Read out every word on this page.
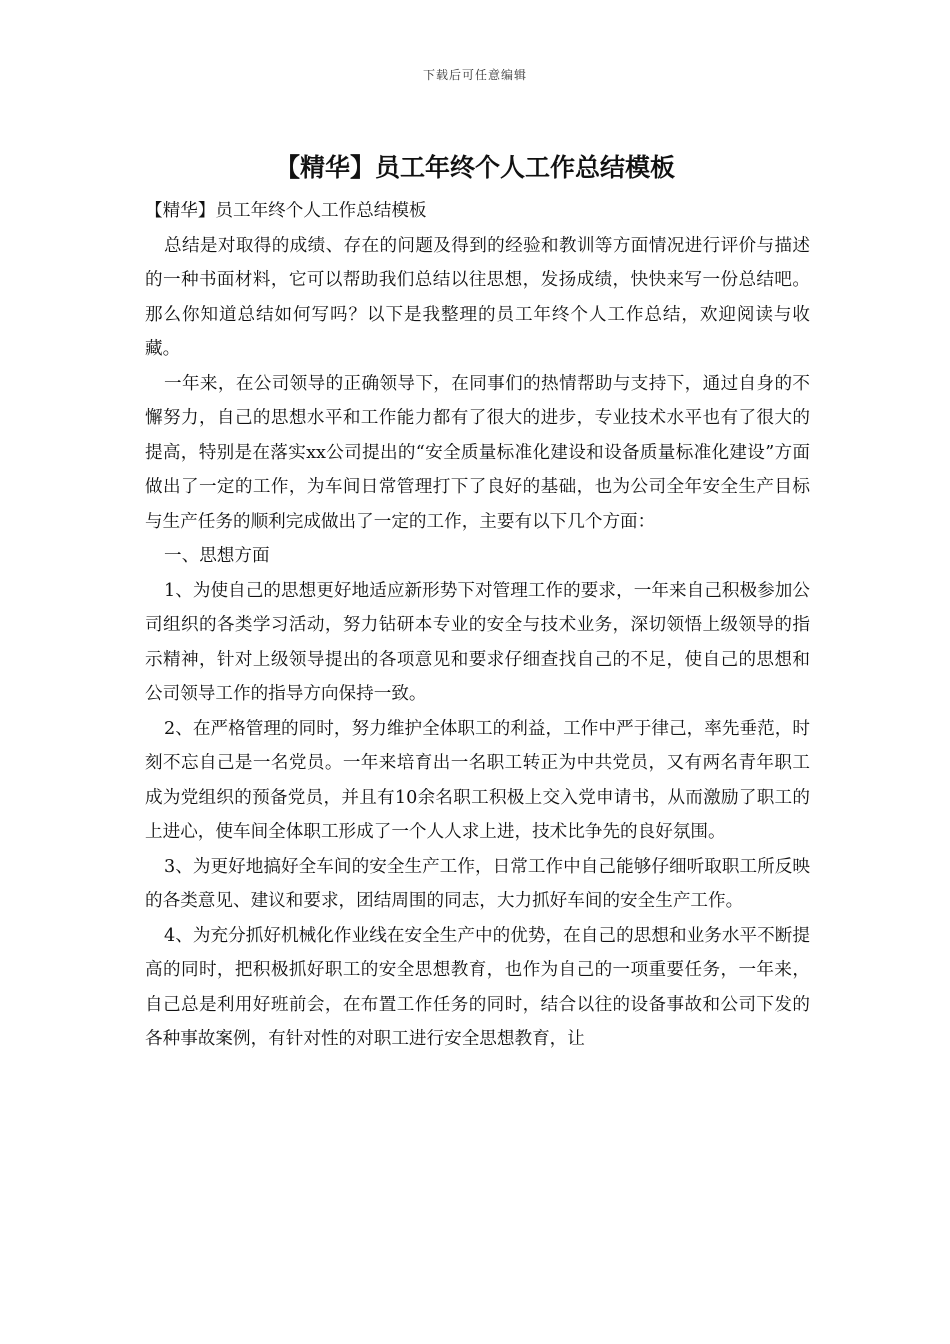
下载后可任意编辑
【精华】员工年终个人工作总结模板

【精华】员工年终个人工作总结模板

总结是对取得的成绩、存在的问题及得到的经验和教训等方面情况进行评价与描述的一种书面材料，它可以帮助我们总结以往思想，发扬成绩，快快来写一份总结吧。那么你知道总结如何写吗？以下是我整理的员工年终个人工作总结，欢迎阅读与收藏。

一年来，在公司领导的正确领导下，在同事们的热情帮助与支持下，通过自身的不懈努力，自己的思想水平和工作能力都有了很大的进步，专业技术水平也有了很大的提高，特别是在落实xx公司提出的“安全质量标准化建设和设备质量标准化建设”方面做出了一定的工作，为车间日常管理打下了良好的基础，也为公司全年安全生产目标与生产任务的顺利完成做出了一定的工作，主要有以下几个方面：

一、思想方面

1、为使自己的思想更好地适应新形势下对管理工作的要求，一年来自己积极参加公司组织的各类学习活动，努力钻研本专业的安全与技术业务，深切领悟上级领导的指示精神，针对上级领导提出的各项意见和要求仔细查找自己的不足，使自己的思想和公司领导工作的指导方向保持一致。

2、在严格管理的同时，努力维护全体职工的利益，工作中严于律己，率先垂范，时刻不忘自己是一名党员。一年来培育出一名职工转正为中共党员，又有两名青年职工成为党组织的预备党员，并且有10余名职工积极上交入党申请书，从而激励了职工的上进心，使车间全体职工形成了一个人人求上进，技术比争先的良好氛围。

3、为更好地搞好全车间的安全生产工作，日常工作中自己能够仔细听取职工所反映的各类意见、建议和要求，团结周围的同志，大力抓好车间的安全生产工作。

4、为充分抓好机械化作业线在安全生产中的优势，在自己的思想和业务水平不断提高的同时，把积极抓好职工的安全思想教育，也作为自己的一项重要任务，一年来，自己总是利用好班前会，在布置工作任务的同时，结合以往的设备事故和公司下发的各种事故案例，有针对性的对职工进行安全思想教育，让
